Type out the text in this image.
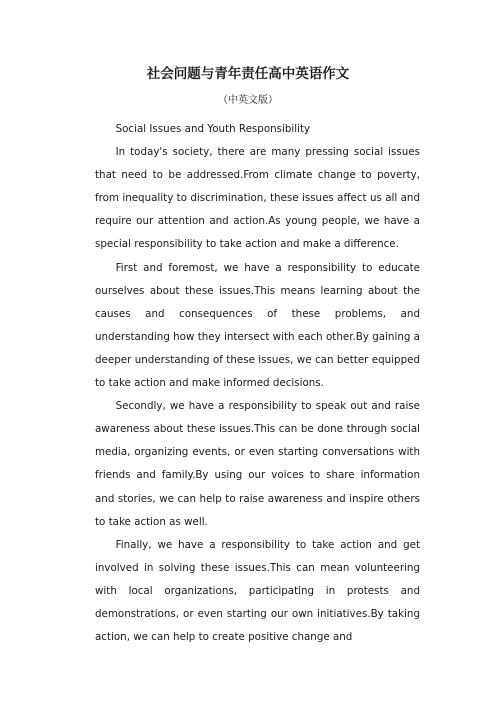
社会问题与青年责任高中英语作文
（中英文版）

Social Issues and Youth Responsibility

In today's society, there are many pressing social issues that need to be addressed.From climate change to poverty, from inequality to discrimination, these issues affect us all and require our attention and action.As young people, we have a special responsibility to take action and make a difference.

First and foremost, we have a responsibility to educate ourselves about these issues.This means learning about the causes and consequences of these problems, and understanding how they intersect with each other.By gaining a deeper understanding of these issues, we can better equipped to take action and make informed decisions.

Secondly, we have a responsibility to speak out and raise awareness about these issues.This can be done through social media, organizing events, or even starting conversations with friends and family.By using our voices to share information and stories, we can help to raise awareness and inspire others to take action as well.

Finally, we have a responsibility to take action and get involved in solving these issues.This can mean volunteering with local organizations, participating in protests and demonstrations, or even starting our own initiatives.By taking action, we can help to create positive change and
